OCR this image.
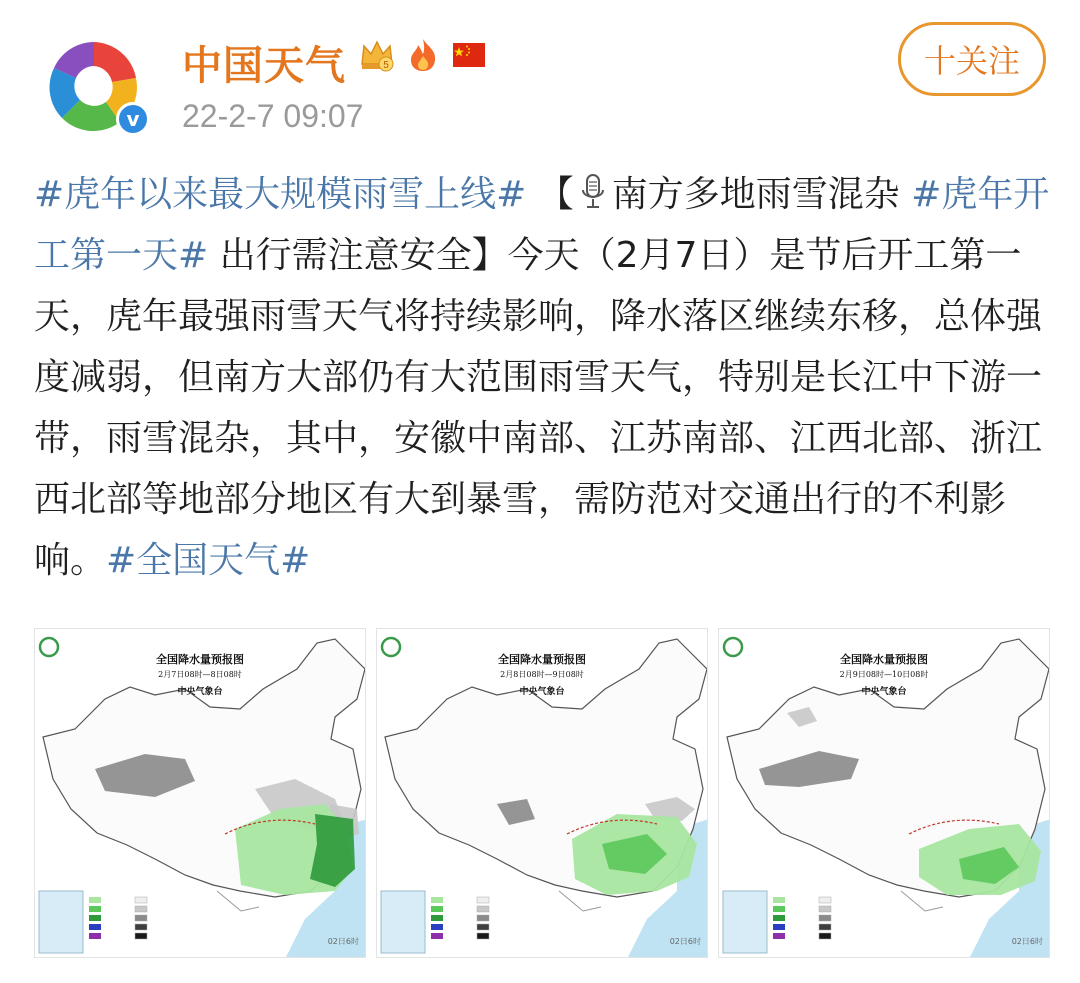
v
中国天气	5
22-2-7 09:07
十关注
#虎年以来最大规模雨雪上线# 【 南方多地雨雪混杂 #虎年开工第一天# 出行需注意安全】今天（2月7日）是节后开工第一天，虎年最强雨雪天气将持续影响，降水落区继续东移，总体强度减弱，但南方大部仍有大范围雨雪天气，特别是长江中下游一带，雨雪混杂，其中，安徽中南部、江苏南部、江西北部、浙江西北部等地部分地区有大到暴雪，需防范对交通出行的不利影响。#全国天气#
全国降水量预报图
2月7日08时—8日08时
中央气象台
02日6时
全国降水量预报图
2月8日08时—9日08时
中央气象台
02日6时
全国降水量预报图
2月9日08时—10日08时
中央气象台
02日6时
